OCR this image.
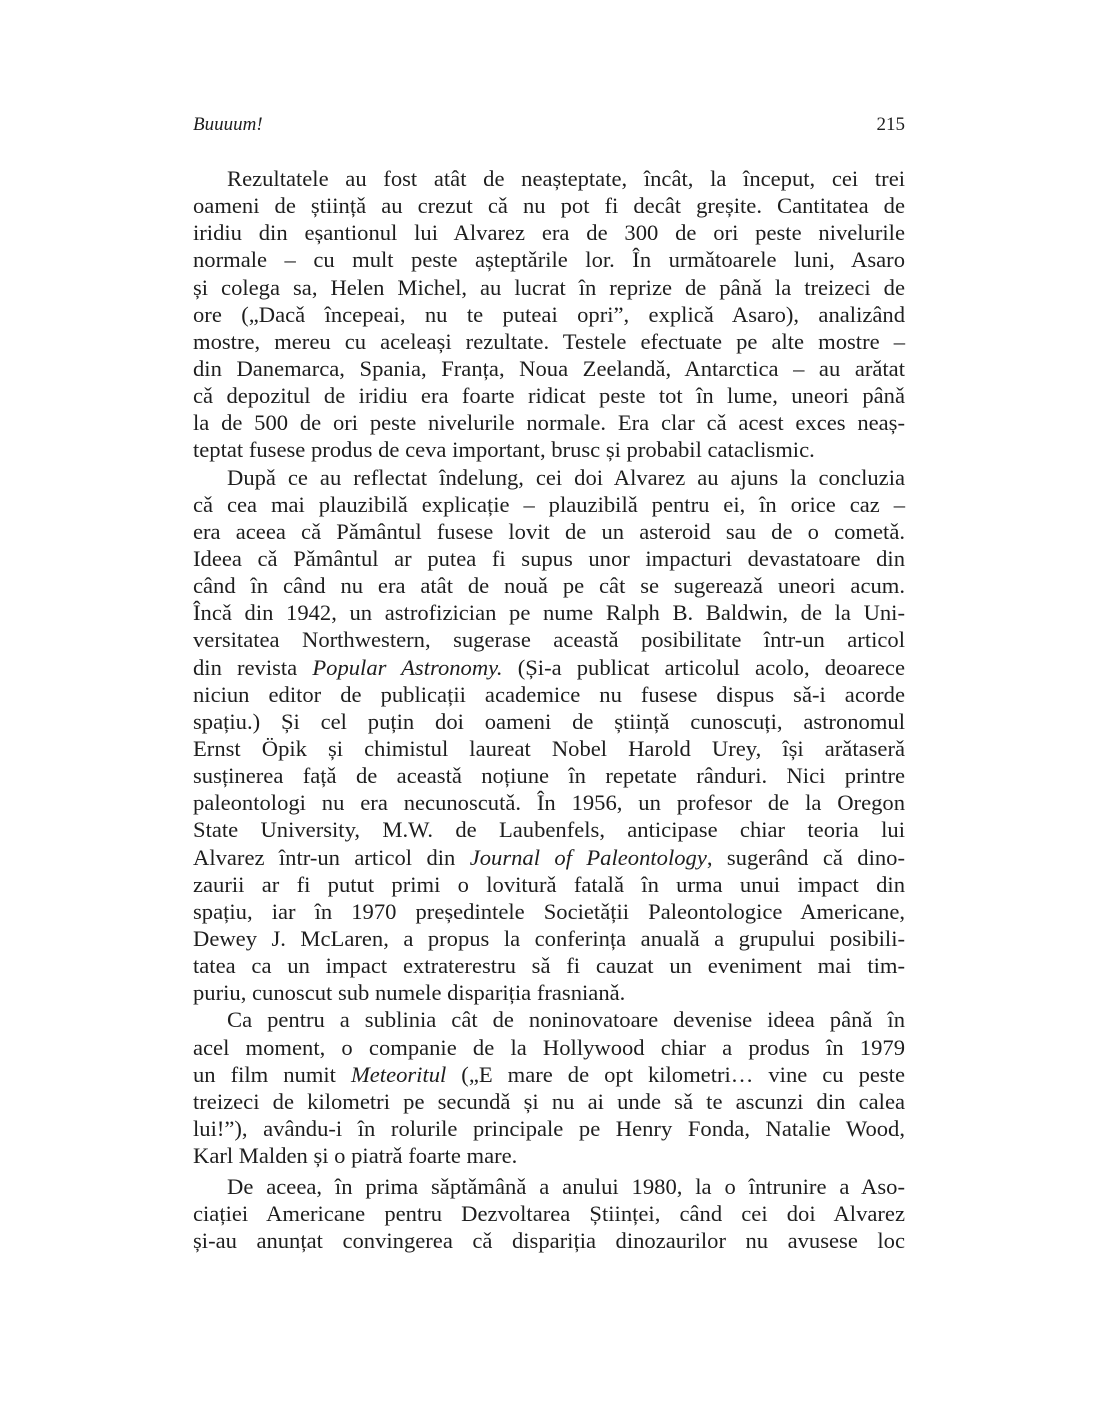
Buuuum!	215
Rezultatele au fost atât de neașteptate, încât, la început, cei trei
oameni de științǎ au crezut cǎ nu pot fi decât greșite. Cantitatea de
iridiu din eșantionul lui Alvarez era de 300 de ori peste nivelurile
normale – cu mult peste așteptǎrile lor. În urmǎtoarele luni, Asaro
și colega sa, Helen Michel, au lucrat în reprize de pânǎ la treizeci de
ore („Dacǎ începeai, nu te puteai opri”, explicǎ Asaro), analizând
mostre, mereu cu aceleași rezultate. Testele efectuate pe alte mostre –
din Danemarca, Spania, Franța, Noua Zeelandǎ, Antarctica – au arǎtat
cǎ depozitul de iridiu era foarte ridicat peste tot în lume, uneori pânǎ
la de 500 de ori peste nivelurile normale. Era clar cǎ acest exces neaș-
teptat fusese produs de ceva important, brusc și probabil cataclismic.
Dupǎ ce au reflectat îndelung, cei doi Alvarez au ajuns la concluzia
cǎ cea mai plauzibilǎ explicație – plauzibilǎ pentru ei, în orice caz –
era aceea cǎ Pǎmântul fusese lovit de un asteroid sau de o cometǎ.
Ideea cǎ Pǎmântul ar putea fi supus unor impacturi devastatoare din
când în când nu era atât de nouǎ pe cât se sugereazǎ uneori acum.
Încǎ din 1942, un astrofizician pe nume Ralph B. Baldwin, de la Uni-
versitatea Northwestern, sugerase aceastǎ posibilitate într-un articol
din revista Popular Astronomy. (Și-a publicat articolul acolo, deoarece
niciun editor de publicații academice nu fusese dispus sǎ-i acorde
spațiu.) Și cel puțin doi oameni de științǎ cunoscuți, astronomul
Ernst Öpik și chimistul laureat Nobel Harold Urey, își arǎtaserǎ
susținerea fațǎ de aceastǎ noțiune în repetate rânduri. Nici printre
paleontologi nu era necunoscutǎ. În 1956, un profesor de la Oregon
State University, M.W. de Laubenfels, anticipase chiar teoria lui
Alvarez într-un articol din Journal of Paleontology, sugerând cǎ dino-
zaurii ar fi putut primi o loviturǎ fatalǎ în urma unui impact din
spațiu, iar în 1970 președintele Societǎții Paleontologice Americane,
Dewey J. McLaren, a propus la conferința anualǎ a grupului posibili-
tatea ca un impact extraterestru sǎ fi cauzat un eveniment mai tim-
puriu, cunoscut sub numele dispariția frasnianǎ.
Ca pentru a sublinia cât de noninovatoare devenise ideea pânǎ în
acel moment, o companie de la Hollywood chiar a produs în 1979
un film numit Meteoritul („E mare de opt kilometri… vine cu peste
treizeci de kilometri pe secundǎ și nu ai unde sǎ te ascunzi din calea
lui!”), avându-i în rolurile principale pe Henry Fonda, Natalie Wood,
Karl Malden și o piatrǎ foarte mare.
De aceea, în prima sǎptǎmânǎ a anului 1980, la o întrunire a Aso-
ciației Americane pentru Dezvoltarea Științei, când cei doi Alvarez
și-au anunțat convingerea cǎ dispariția dinozaurilor nu avusese loc
